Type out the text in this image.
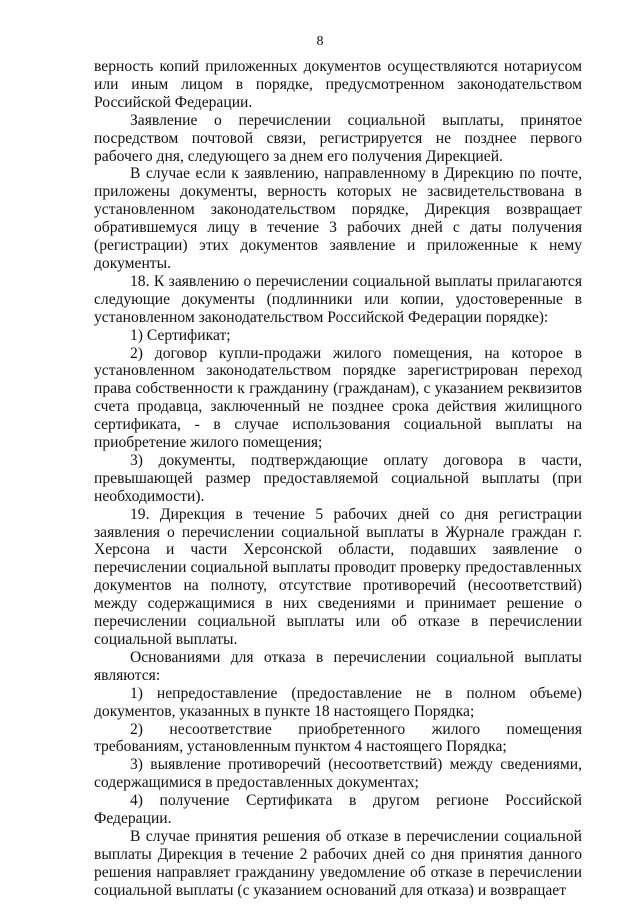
8

верность копий приложенных документов осуществляются нотариусом или иным лицом в порядке, предусмотренном законодательством Российской Федерации.

Заявление о перечислении социальной выплаты, принятое посредством почтовой связи, регистрируется не позднее первого рабочего дня, следующего за днем его получения Дирекцией.

В случае если к заявлению, направленному в Дирекцию по почте, приложены документы, верность которых не засвидетельствована в установленном законодательством порядке, Дирекция возвращает обратившемуся лицу в течение 3 рабочих дней с даты получения (регистрации) этих документов заявление и приложенные к нему документы.

18. К заявлению о перечислении социальной выплаты прилагаются следующие документы (подлинники или копии, удостоверенные в установленном законодательством Российской Федерации порядке):

1) Сертификат;

2) договор купли-продажи жилого помещения, на которое в установленном законодательством порядке зарегистрирован переход права собственности к гражданину (гражданам), с указанием реквизитов счета продавца, заключенный не позднее срока действия жилищного сертификата, - в случае использования социальной выплаты на приобретение жилого помещения;

3) документы, подтверждающие оплату договора в части, превышающей размер предоставляемой социальной выплаты (при необходимости).

19. Дирекция в течение 5 рабочих дней со дня регистрации заявления о перечислении социальной выплаты в Журнале граждан г. Херсона и части Херсонской области, подавших заявление о перечислении социальной выплаты проводит проверку предоставленных документов на полноту, отсутствие противоречий (несоответствий) между содержащимися в них сведениями и принимает решение о перечислении социальной выплаты или об отказе в перечислении социальной выплаты.

Основаниями для отказа в перечислении социальной выплаты являются:

1) непредоставление (предоставление не в полном объеме) документов, указанных в пункте 18 настоящего Порядка;

2) несоответствие приобретенного жилого помещения требованиям, установленным пунктом 4 настоящего Порядка;

3) выявление противоречий (несоответствий) между сведениями, содержащимися в предоставленных документах;

4) получение Сертификата в другом регионе Российской Федерации.

В случае принятия решения об отказе в перечислении социальной выплаты Дирекция в течение 2 рабочих дней со дня принятия данного решения направляет гражданину уведомление об отказе в перечислении социальной выплаты (с указанием оснований для отказа) и возвращает
